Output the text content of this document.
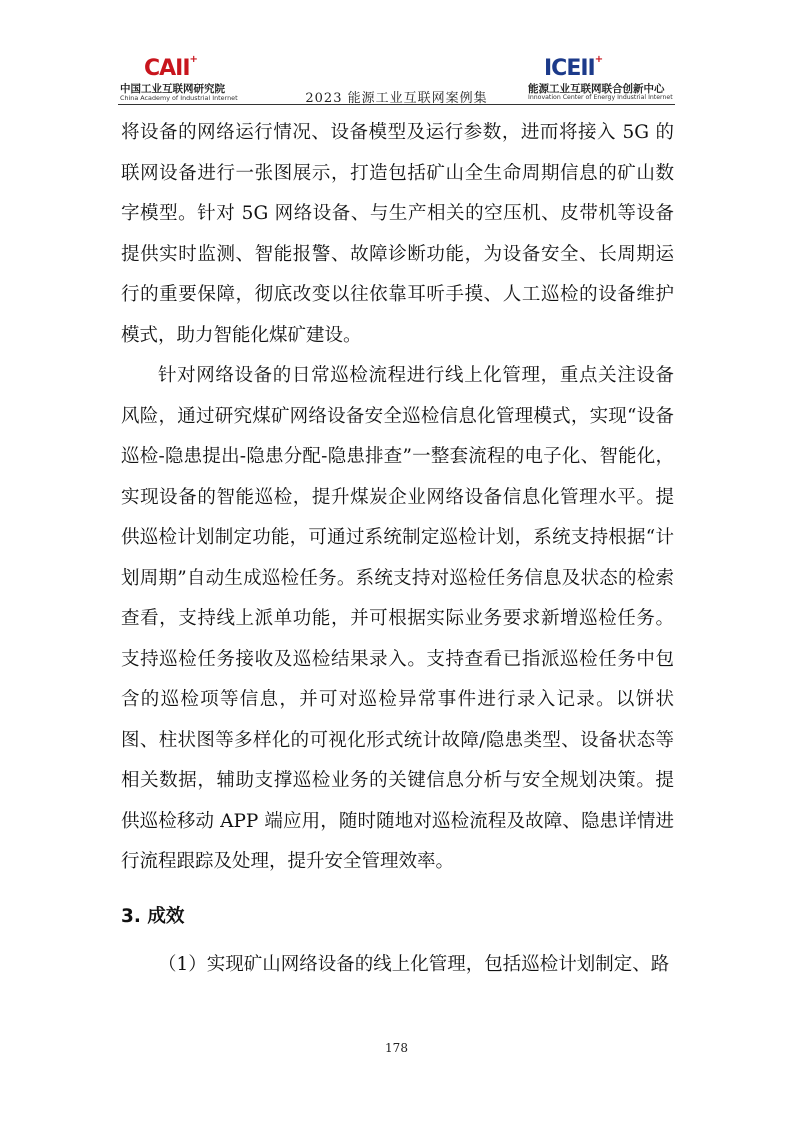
CAII+
中国工业互联网研究院
China Academy of Industrial Internet	2023 能源工业互联网案例集
ICEII+
能源工业互联网联合创新中心
Innovation Center of Energy Industrial Internet

将设备的网络运行情况、设备模型及运行参数，进而将接入 5G 的联网设备进行一张图展示，打造包括矿山全生命周期信息的矿山数字模型。针对 5G 网络设备、与生产相关的空压机、皮带机等设备提供实时监测、智能报警、故障诊断功能，为设备安全、长周期运行的重要保障，彻底改变以往依靠耳听手摸、人工巡检的设备维护模式，助力智能化煤矿建设。

针对网络设备的日常巡检流程进行线上化管理，重点关注设备风险，通过研究煤矿网络设备安全巡检信息化管理模式，实现“设备巡检-隐患提出-隐患分配-隐患排查”一整套流程的电子化、智能化，实现设备的智能巡检，提升煤炭企业网络设备信息化管理水平。提供巡检计划制定功能，可通过系统制定巡检计划，系统支持根据“计划周期”自动生成巡检任务。系统支持对巡检任务信息及状态的检索查看，支持线上派单功能，并可根据实际业务要求新增巡检任务。支持巡检任务接收及巡检结果录入。支持查看已指派巡检任务中包含的巡检项等信息，并可对巡检异常事件进行录入记录。以饼状图、柱状图等多样化的可视化形式统计故障/隐患类型、设备状态等相关数据，辅助支撑巡检业务的关键信息分析与安全规划决策。提供巡检移动 APP 端应用，随时随地对巡检流程及故障、隐患详情进行流程跟踪及处理，提升安全管理效率。

3. 成效

（1）实现矿山网络设备的线上化管理，包括巡检计划制定、路

178
